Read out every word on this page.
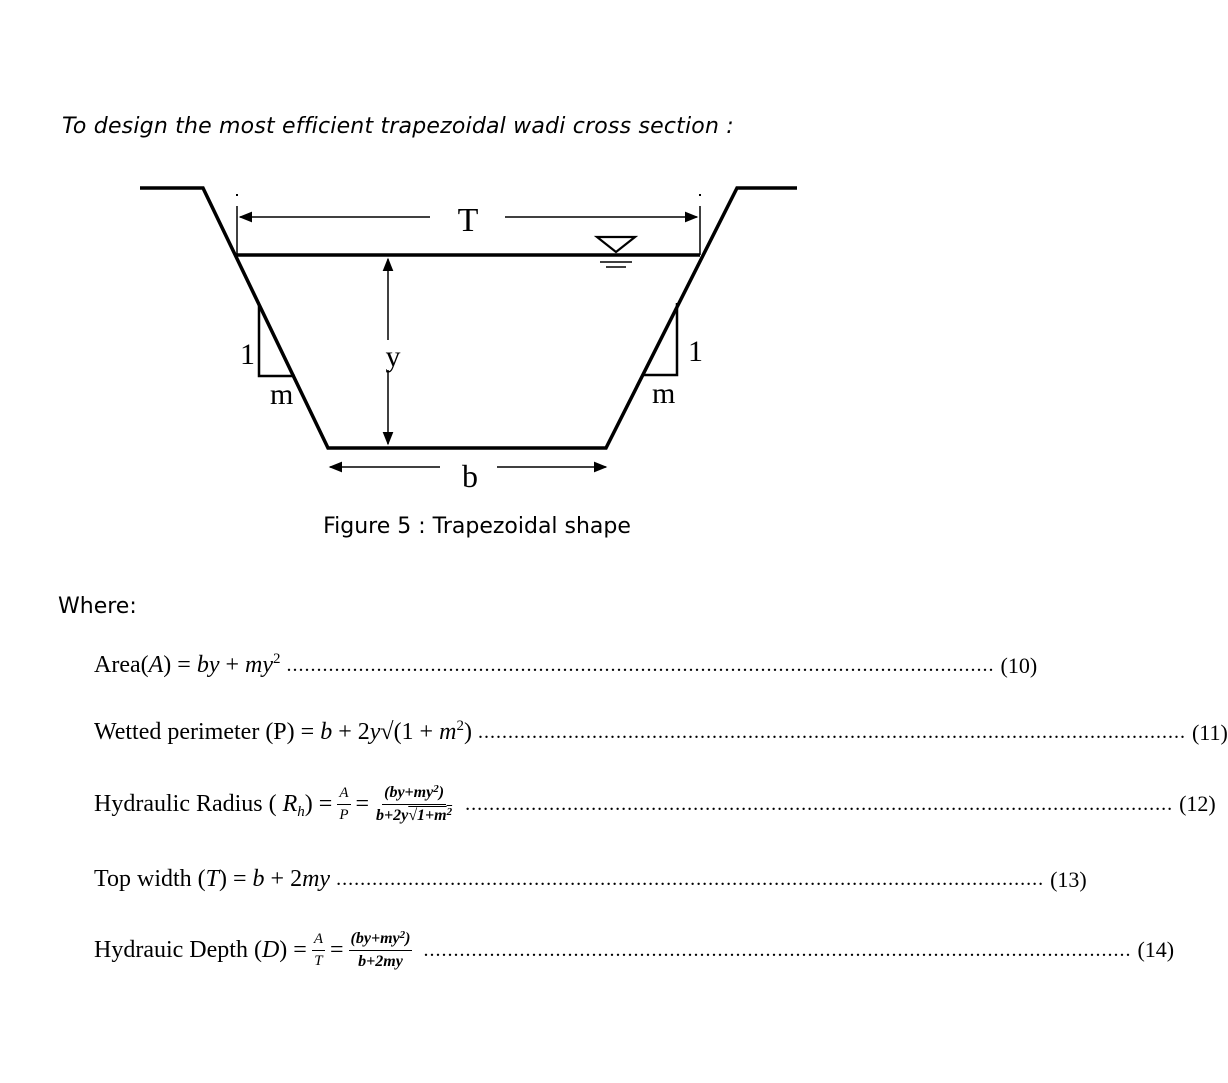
To design the most efficient trapezoidal wadi cross section :
T
y
b
1
m
1
m
Figure 5 : Trapezoidal shape
Where:
Area(A) = by + $my^2$ ...................................................................................................................... (10)
Wetted perimeter $(P) = b + 2y√(1 + m^2)$ ...................................................................................................................... (11)
Hydraulic Radius ( $R_h) = \frac{A}{P} = \frac{(by+my^2)}{b+2y√1+m^2}$ ...................................................................................................................... (12)
Top width (T) = b + 2my ...................................................................................................................... (13)
Hydrauic Depth $(D) = \frac{A}{T} = \frac{(by+my^2)}{b+2my}$ ...................................................................................................................... (14)
